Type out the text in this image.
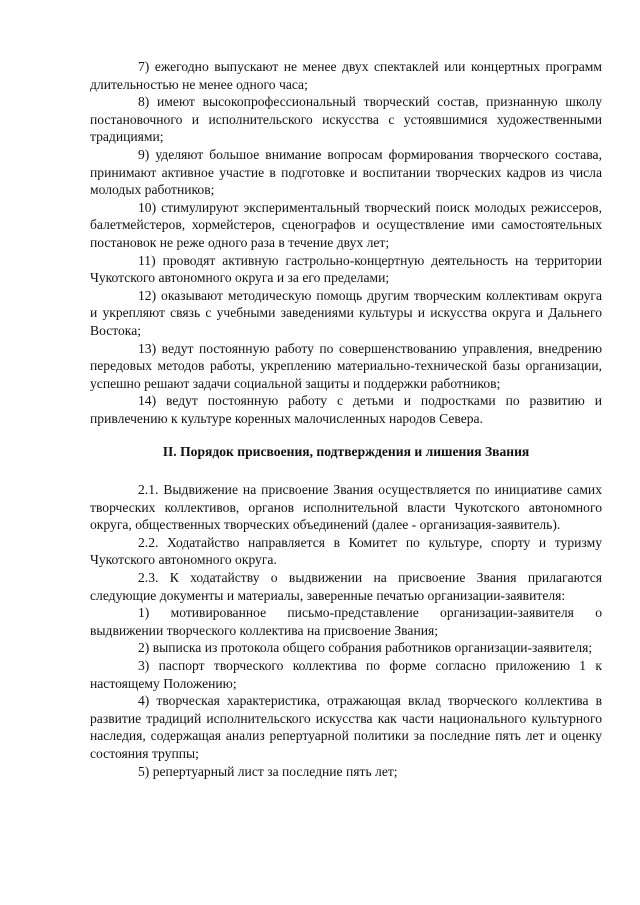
7) ежегодно выпускают не менее двух спектаклей или концертных программ длительностью не менее одного часа;

8) имеют высокопрофессиональный творческий состав, признанную школу постановочного и исполнительского искусства с устоявшимися художественными традициями;

9) уделяют большое внимание вопросам формирования творческого состава, принимают активное участие в подготовке и воспитании творческих кадров из числа молодых работников;

10) стимулируют экспериментальный творческий поиск молодых режиссеров, балетмейстеров, хормейстеров, сценографов и осуществление ими самостоятельных постановок не реже одного раза в течение двух лет;

11) проводят активную гастрольно-концертную деятельность на территории Чукотского автономного округа и за его пределами;

12) оказывают методическую помощь другим творческим коллективам округа и укрепляют связь с учебными заведениями культуры и искусства округа и Дальнего Востока;

13) ведут постоянную работу по совершенствованию управления, внедрению передовых методов работы, укреплению материально-технической базы организации, успешно решают задачи социальной защиты и поддержки работников;

14) ведут постоянную работу с детьми и подростками по развитию и привлечению к культуре коренных малочисленных народов Севера.

II. Порядок присвоения, подтверждения и лишения Звания

2.1. Выдвижение на присвоение Звания осуществляется по инициативе самих творческих коллективов, органов исполнительной власти Чукотского автономного округа, общественных творческих объединений (далее - организация-заявитель).

2.2. Ходатайство направляется в Комитет по культуре, спорту и туризму Чукотского автономного округа.

2.3. К ходатайству о выдвижении на присвоение Звания прилагаются следующие документы и материалы, заверенные печатью организации-заявителя:

1) мотивированное письмо-представление организации-заявителя о выдвижении творческого коллектива на присвоение Звания;

2) выписка из протокола общего собрания работников организации-заявителя;

3) паспорт творческого коллектива по форме согласно приложению 1 к настоящему Положению;

4) творческая характеристика, отражающая вклад творческого коллектива в развитие традиций исполнительского искусства как части национального культурного наследия, содержащая анализ репертуарной политики за последние пять лет и оценку состояния труппы;

5) репертуарный лист за последние пять лет;
